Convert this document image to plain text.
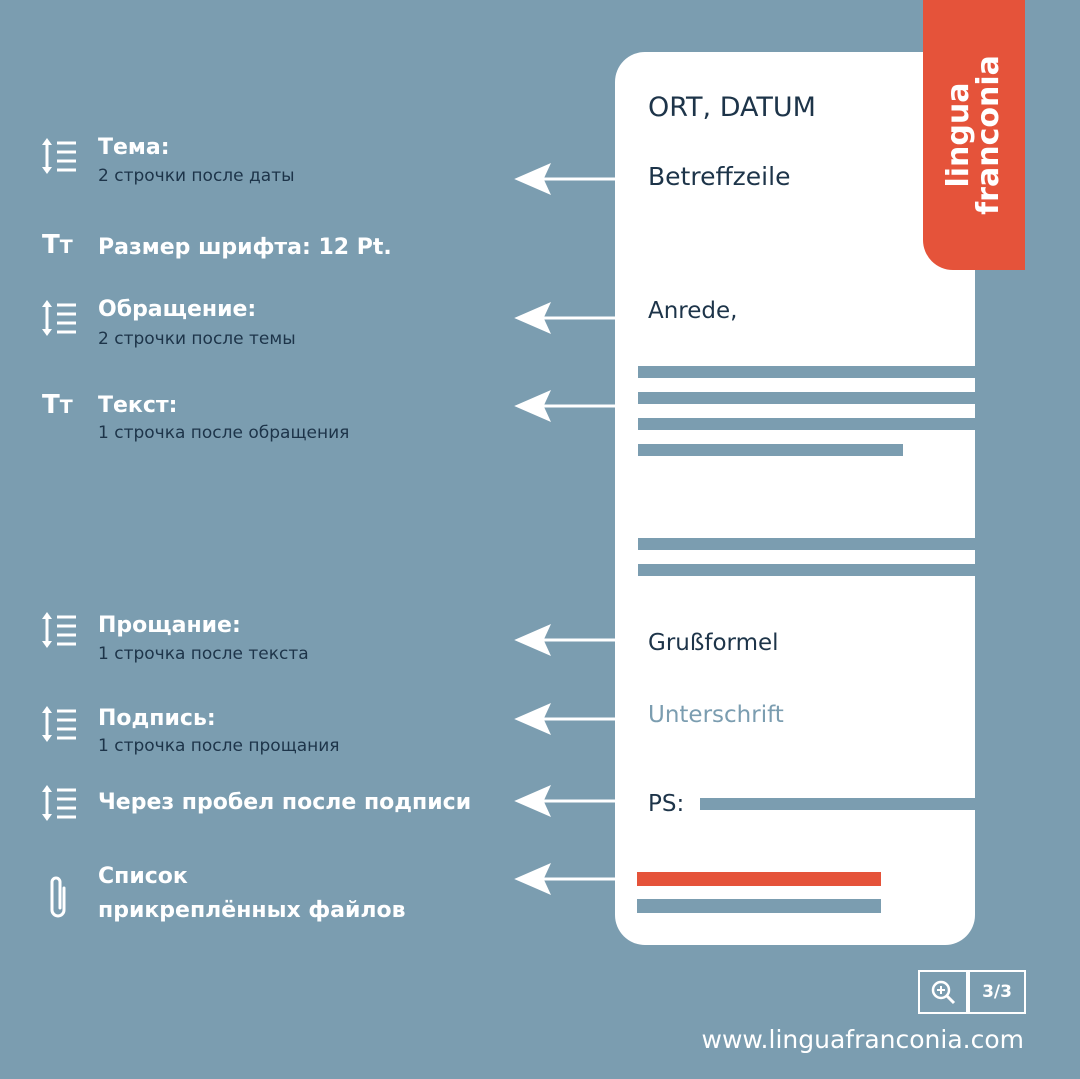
lingua
franconia
ORT, DATUM
Betreffzeile
Anrede,
Grußformel
Unterschrift
PS:
TT
TT
Тема:
2 строчки после даты
Размер шрифта: 12 Pt.
Обращение:
2 строчки после темы
Текст:
1 строчка после обращения
Прощание:
1 строчка после текста
Подпись:
1 строчка после прощания
Через пробел после подписи
Список
прикреплённых файлов
3/3
www.linguafranconia.com
